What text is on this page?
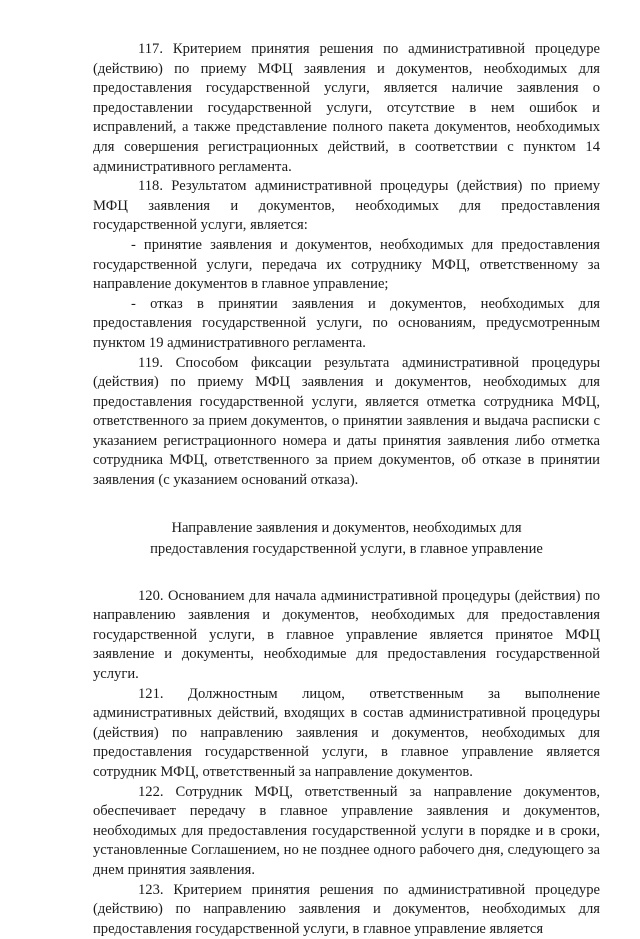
117. Критерием принятия решения по административной процедуре (действию) по приему МФЦ заявления и документов, необходимых для предоставления государственной услуги, является наличие заявления о предоставлении государственной услуги, отсутствие в нем ошибок и исправлений, а также представление полного пакета документов, необходимых для совершения регистрационных действий, в соответствии с пунктом 14 административного регламента.

118. Результатом административной процедуры (действия) по приему МФЦ заявления и документов, необходимых для предоставления государственной услуги, является:

- принятие заявления и документов, необходимых для предоставления государственной услуги, передача их сотруднику МФЦ, ответственному за направление документов в главное управление;

- отказ в принятии заявления и документов, необходимых для предоставления государственной услуги, по основаниям, предусмотренным пунктом 19 административного регламента.

119. Способом фиксации результата административной процедуры (действия) по приему МФЦ заявления и документов, необходимых для предоставления государственной услуги, является отметка сотрудника МФЦ, ответственного за прием документов, о принятии заявления и выдача расписки с указанием регистрационного номера и даты принятия заявления либо отметка сотрудника МФЦ, ответственного за прием документов, об отказе в принятии заявления (с указанием оснований отказа).

Направление заявления и документов, необходимых для
предоставления государственной услуги, в главное управление

120. Основанием для начала административной процедуры (действия) по направлению заявления и документов, необходимых для предоставления государственной услуги, в главное управление является принятое МФЦ заявление и документы, необходимые для предоставления государственной услуги.

121. Должностным лицом, ответственным за выполнение административных действий, входящих в состав административной процедуры (действия) по направлению заявления и документов, необходимых для предоставления государственной услуги, в главное управление является сотрудник МФЦ, ответственный за направление документов.

122. Сотрудник МФЦ, ответственный за направление документов, обеспечивает передачу в главное управление заявления и документов, необходимых для предоставления государственной услуги в порядке и в сроки, установленные Соглашением, но не позднее одного рабочего дня, следующего за днем принятия заявления.

123. Критерием принятия решения по административной процедуре (действию) по направлению заявления и документов, необходимых для предоставления государственной услуги, в главное управление является
